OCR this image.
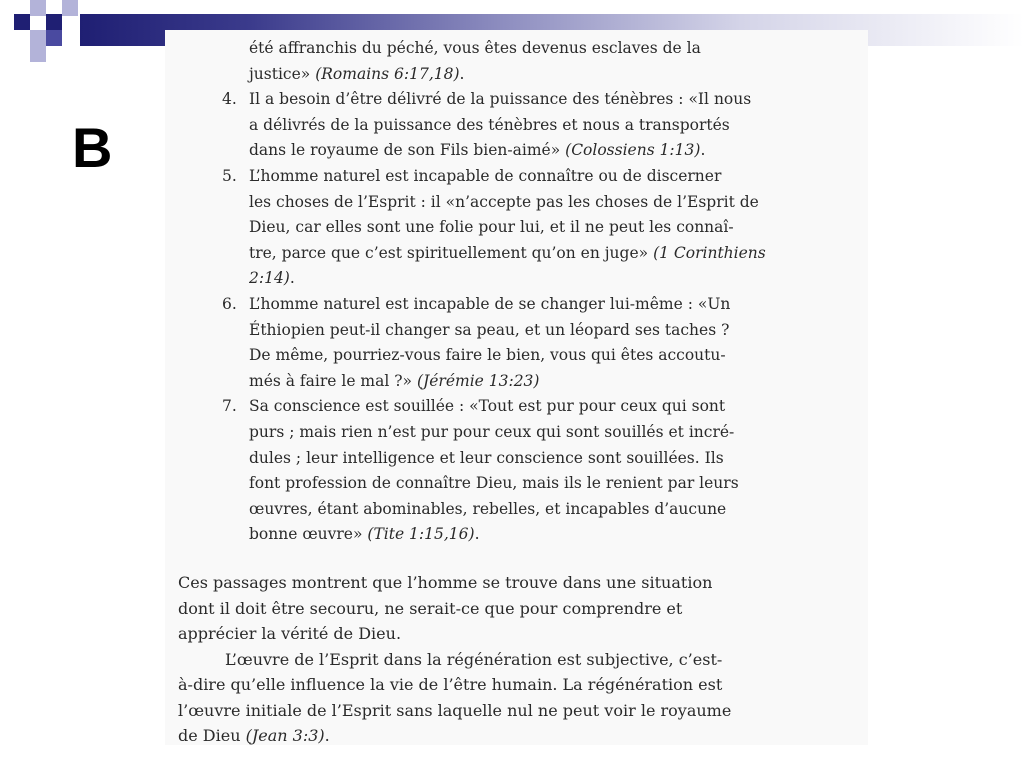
B
été affranchis du péché, vous êtes devenus esclaves de la
justice» (Romains 6:17,18).
4. Il a besoin d’être délivré de la puissance des ténèbres : «Il nous
a délivrés de la puissance des ténèbres et nous a transportés
dans le royaume de son Fils bien-aimé» (Colossiens 1:13).
5. L’homme naturel est incapable de connaître ou de discerner
les choses de l’Esprit : il «n’accepte pas les choses de l’Esprit de
Dieu, car elles sont une folie pour lui, et il ne peut les connaî-
tre, parce que c’est spirituellement qu’on en juge» (1 Corinthiens
2:14).
6. L’homme naturel est incapable de se changer lui-même : «Un
Éthiopien peut-il changer sa peau, et un léopard ses taches ?
De même, pourriez-vous faire le bien, vous qui êtes accoutu-
més à faire le mal ?» (Jérémie 13:23)
7. Sa conscience est souillée : «Tout est pur pour ceux qui sont
purs ; mais rien n’est pur pour ceux qui sont souillés et incré-
dules ; leur intelligence et leur conscience sont souillées. Ils
font profession de connaître Dieu, mais ils le renient par leurs
œuvres, étant abominables, rebelles, et incapables d’aucune
bonne œuvre» (Tite 1:15,16).
Ces passages montrent que l’homme se trouve dans une situation
dont il doit être secouru, ne serait-ce que pour comprendre et
apprécier la vérité de Dieu.
L’œuvre de l’Esprit dans la régénération est subjective, c’est-
à-dire qu’elle influence la vie de l’être humain. La régénération est
l’œuvre initiale de l’Esprit sans laquelle nul ne peut voir le royaume
de Dieu (Jean 3:3).
